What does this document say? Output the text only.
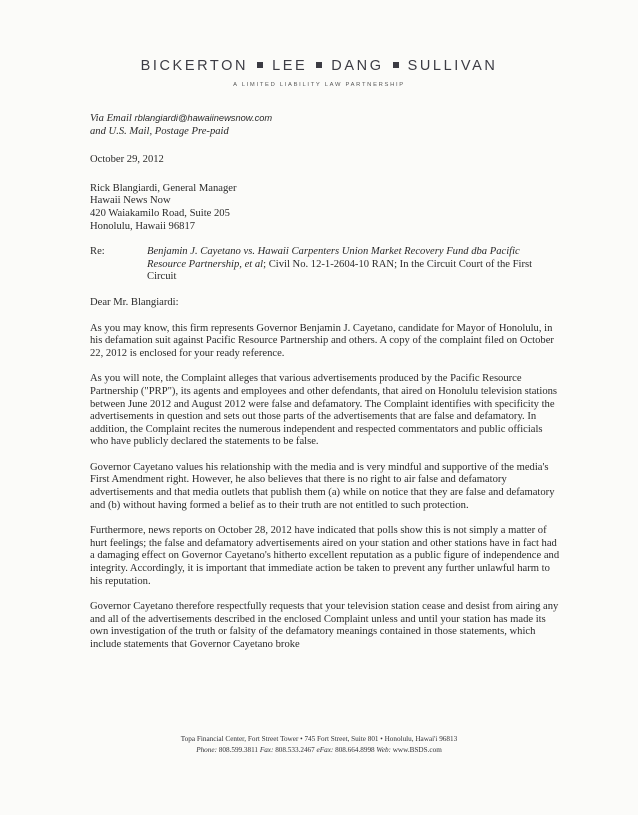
BICKERTON LEE DANG SULLIVAN
A LIMITED LIABILITY LAW PARTNERSHIP

Via Email rblangiardi@hawaiinewsnow.com

and U.S. Mail, Postage Pre-paid

October 29, 2012

Rick Blangiardi, General Manager

Hawaii News Now

420 Waiakamilo Road, Suite 205

Honolulu, Hawaii 96817

Re:	Benjamin J. Cayetano vs. Hawaii Carpenters Union Market Recovery Fund dba Pacific Resource Partnership, et al; Civil No. 12-1-2604-10 RAN; In the Circuit Court of the First Circuit

Dear Mr. Blangiardi:

As you may know, this firm represents Governor Benjamin J. Cayetano, candidate for Mayor of Honolulu, in his defamation suit against Pacific Resource Partnership and others. A copy of the complaint filed on October 22, 2012 is enclosed for your ready reference.

As you will note, the Complaint alleges that various advertisements produced by the Pacific Resource Partnership ("PRP"), its agents and employees and other defendants, that aired on Honolulu television stations between June 2012 and August 2012 were false and defamatory. The Complaint identifies with specificity the advertisements in question and sets out those parts of the advertisements that are false and defamatory. In addition, the Complaint recites the numerous independent and respected commentators and public officials who have publicly declared the statements to be false.

Governor Cayetano values his relationship with the media and is very mindful and supportive of the media's First Amendment right. However, he also believes that there is no right to air false and defamatory advertisements and that media outlets that publish them (a) while on notice that they are false and defamatory and (b) without having formed a belief as to their truth are not entitled to such protection.

Furthermore, news reports on October 28, 2012 have indicated that polls show this is not simply a matter of hurt feelings; the false and defamatory advertisements aired on your station and other stations have in fact had a damaging effect on Governor Cayetano's hitherto excellent reputation as a public figure of independence and integrity. Accordingly, it is important that immediate action be taken to prevent any further unlawful harm to his reputation.

Governor Cayetano therefore respectfully requests that your television station cease and desist from airing any and all of the advertisements described in the enclosed Complaint unless and until your station has made its own investigation of the truth or falsity of the defamatory meanings contained in those statements, which include statements that Governor Cayetano broke

Topa Financial Center, Fort Street Tower • 745 Fort Street, Suite 801 • Honolulu, Hawai'i 96813
Phone: 808.599.3811 Fax: 808.533.2467 eFax: 808.664.8998 Web: www.BSDS.com
